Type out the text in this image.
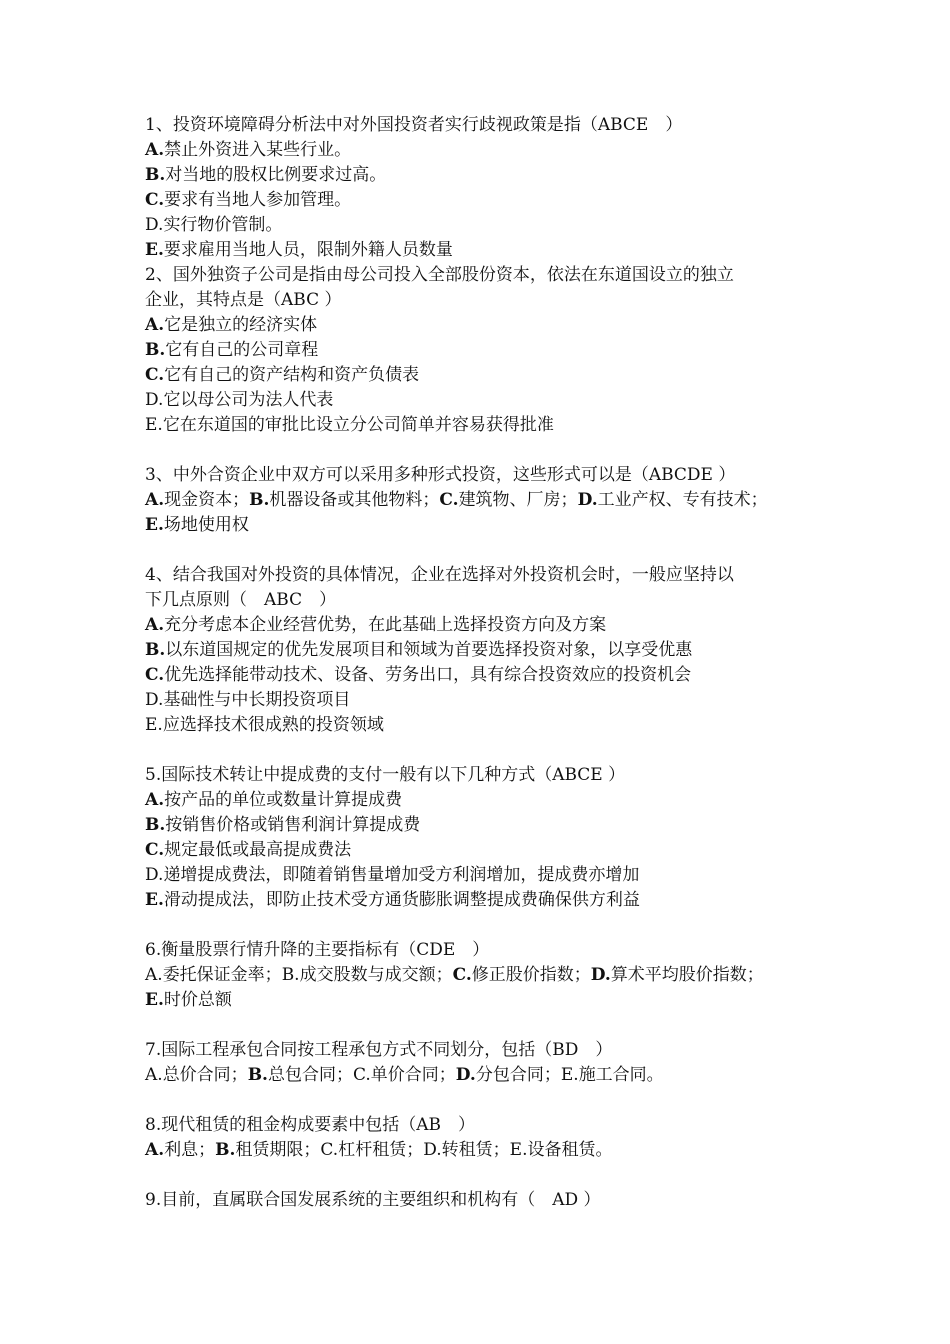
1、投资环境障碍分析法中对外国投资者实行歧视政策是指（ABCE　）
A.禁止外资进入某些行业。
B.对当地的股权比例要求过高。
C.要求有当地人参加管理。
D.实行物价管制。
E.要求雇用当地人员，限制外籍人员数量
2、国外独资子公司是指由母公司投入全部股份资本，依法在东道国设立的独立
企业，其特点是（ABC ）
A.它是独立的经济实体
B.它有自己的公司章程
C.它有自己的资产结构和资产负债表
D.它以母公司为法人代表
E.它在东道国的审批比设立分公司简单并容易获得批准
3、中外合资企业中双方可以采用多种形式投资，这些形式可以是（ABCDE ）
A.现金资本；B.机器设备或其他物料；C.建筑物、厂房；D.工业产权、专有技术；
E.场地使用权
4、结合我国对外投资的具体情况，企业在选择对外投资机会时，一般应坚持以
下几点原则（　ABC　）
A.充分考虑本企业经营优势，在此基础上选择投资方向及方案
B.以东道国规定的优先发展项目和领域为首要选择投资对象，以享受优惠
C.优先选择能带动技术、设备、劳务出口，具有综合投资效应的投资机会
D.基础性与中长期投资项目
E.应选择技术很成熟的投资领域
5.国际技术转让中提成费的支付一般有以下几种方式（ABCE ）
A.按产品的单位或数量计算提成费
B.按销售价格或销售利润计算提成费
C.规定最低或最高提成费法
D.递增提成费法，即随着销售量增加受方利润增加，提成费亦增加
E.滑动提成法，即防止技术受方通货膨胀调整提成费确保供方利益
6.衡量股票行情升降的主要指标有（CDE　）
A.委托保证金率；B.成交股数与成交额；C.修正股价指数；D.算术平均股价指数；
E.时价总额
7.国际工程承包合同按工程承包方式不同划分，包括（BD　）
A.总价合同；B.总包合同；C.单价合同；D.分包合同；E.施工合同。
8.现代租赁的租金构成要素中包括（AB　）
A.利息；B.租赁期限；C.杠杆租赁；D.转租赁；E.设备租赁。
9.目前，直属联合国发展系统的主要组织和机构有（　AD ）
